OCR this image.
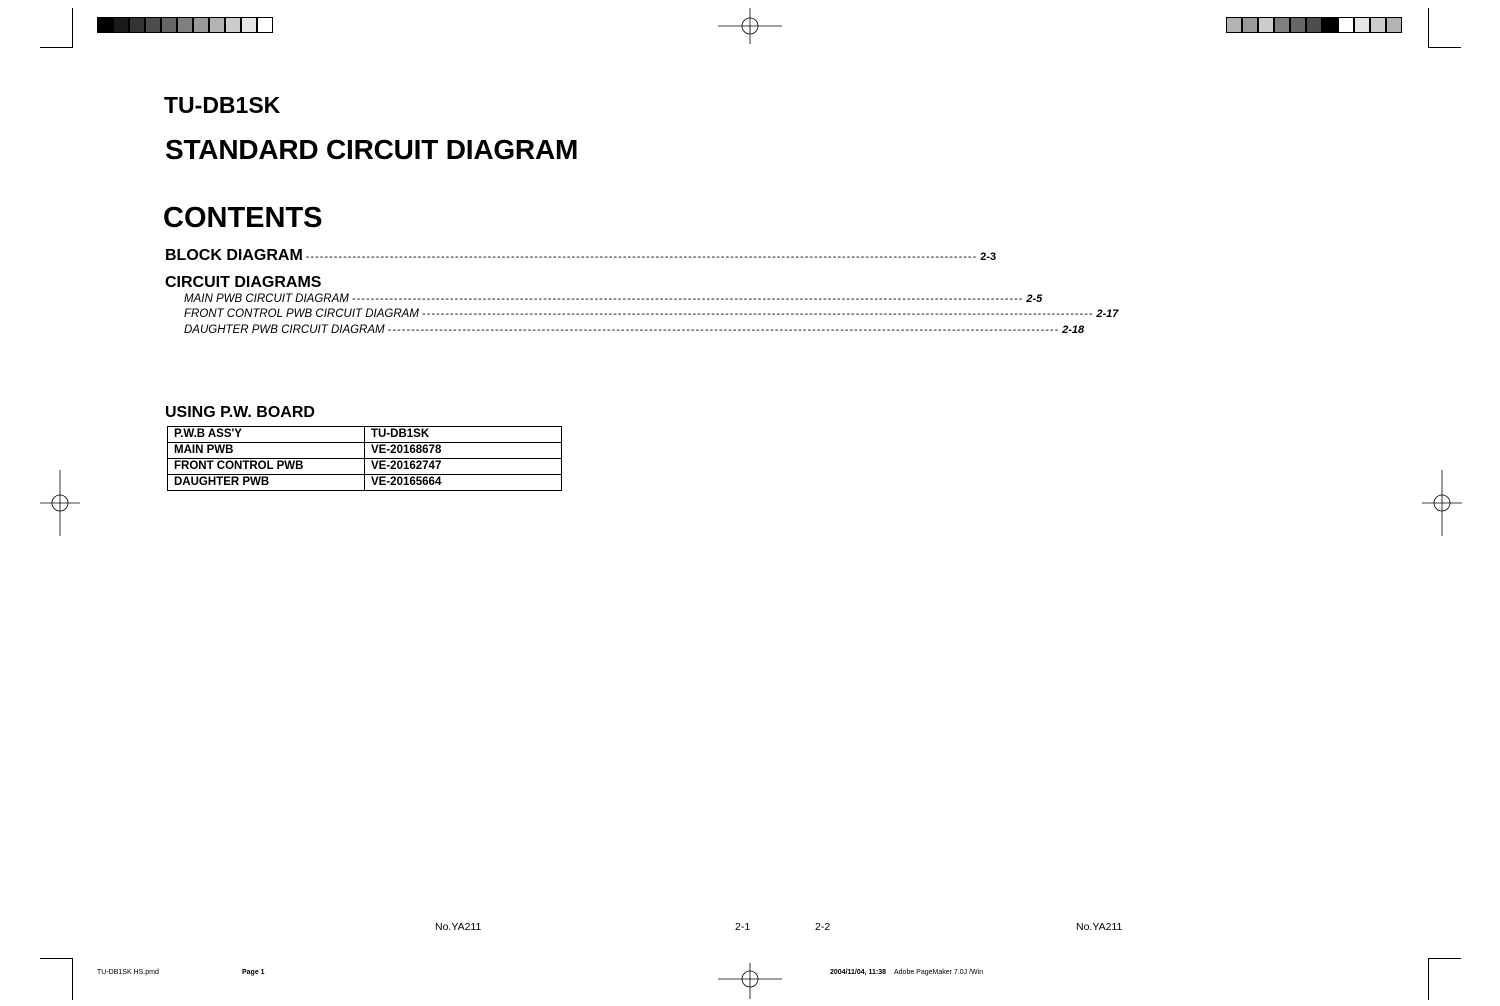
TU-DB1SK
STANDARD CIRCUIT DIAGRAM
CONTENTS
BLOCK DIAGRAM ------------------------------------------------------------------------------------------------------------------------------------------------ 2-3
CIRCUIT DIAGRAMS
MAIN PWB CIRCUIT DIAGRAM ------------------------------------------------------------------------------------------------------------------------------------------------ 2-5
FRONT CONTROL PWB CIRCUIT DIAGRAM ------------------------------------------------------------------------------------------------------------------------------------------------ 2-17
DAUGHTER PWB CIRCUIT DIAGRAM ------------------------------------------------------------------------------------------------------------------------------------------------ 2-18
USING P.W. BOARD
P.W.B ASS'Y	TU-DB1SK
MAIN PWB	VE-20168678
FRONT CONTROL PWB	VE-20162747
DAUGHTER PWB	VE-20165664
No.YA211	2-1	2-2	No.YA211
TU-DB1SK HS.pmd	Page 1	2004/11/04, 11:38 Adobe PageMaker 7.0J /Win
